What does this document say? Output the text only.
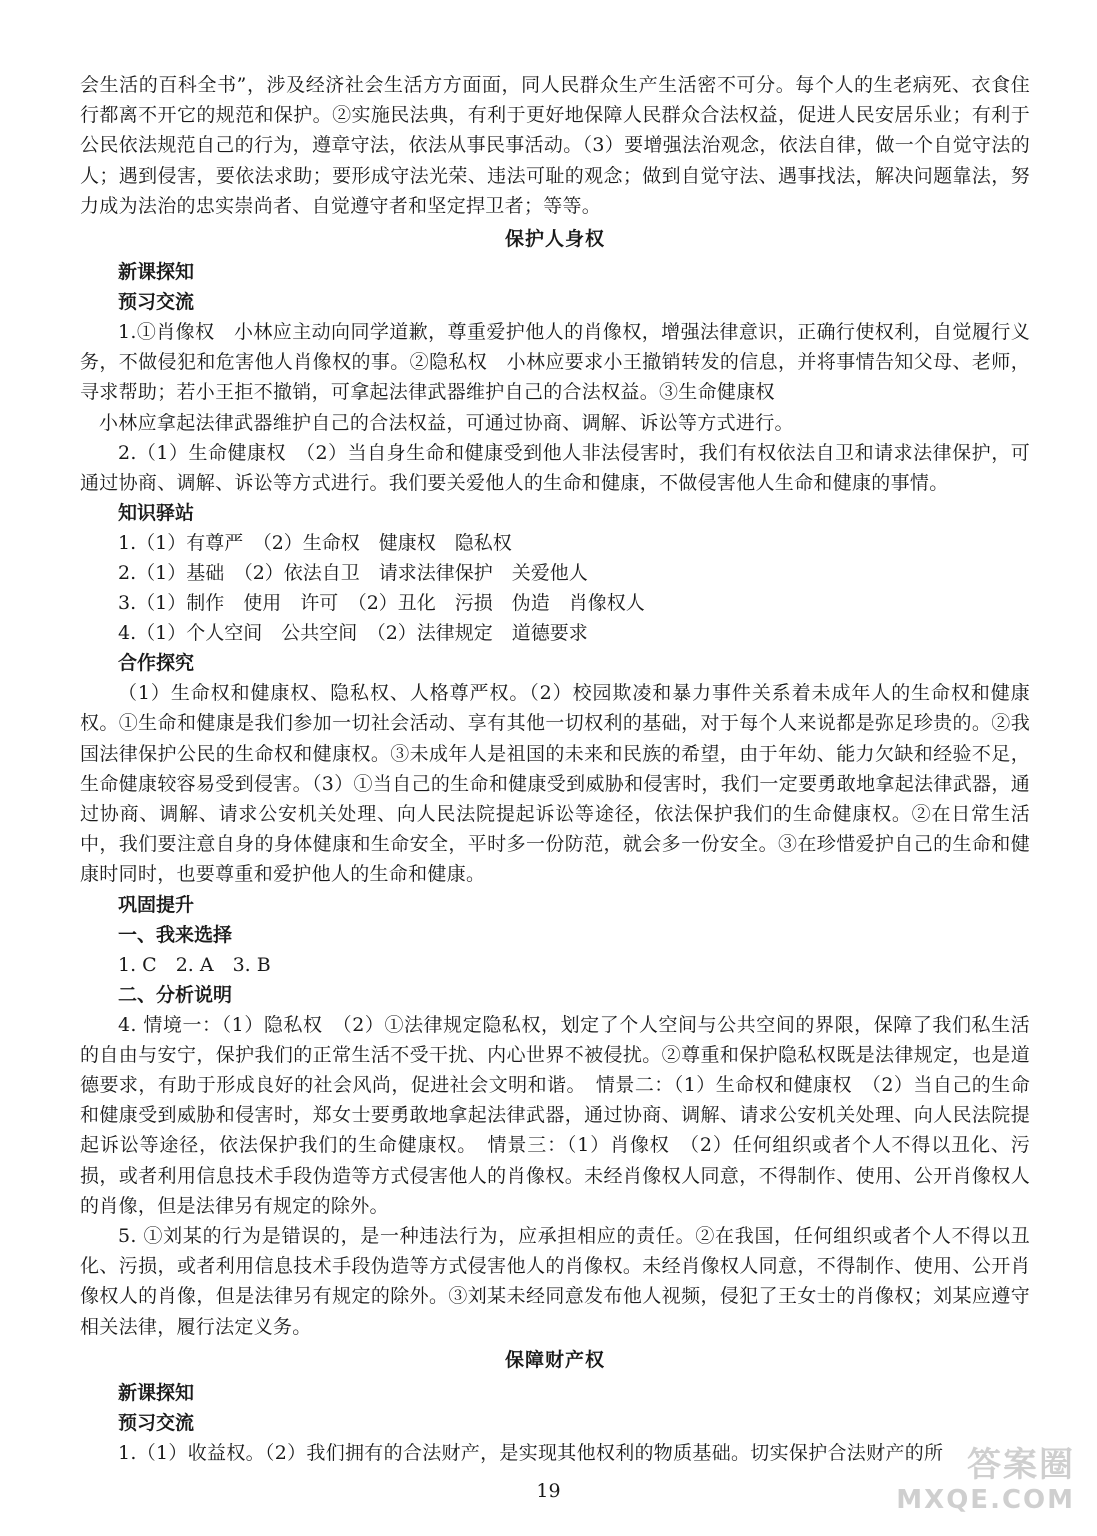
会生活的百科全书”，涉及经济社会生活方方面面，同人民群众生产生活密不可分。每个人的生老病死、衣食住行都离不开它的规范和保护。②实施民法典，有利于更好地保障人民群众合法权益，促进人民安居乐业；有利于公民依法规范自己的行为，遵章守法，依法从事民事活动。（3）要增强法治观念，依法自律，做一个自觉守法的人；遇到侵害，要依法求助；要形成守法光荣、违法可耻的观念；做到自觉守法、遇事找法，解决问题靠法，努力成为法治的忠实崇尚者、自觉遵守者和坚定捍卫者；等等。

保护人身权
新课探知
预习交流

1.①肖像权　小林应主动向同学道歉，尊重爱护他人的肖像权，增强法律意识，正确行使权利，自觉履行义务，不做侵犯和危害他人肖像权的事。②隐私权　小林应要求小王撤销转发的信息，并将事情告知父母、老师，寻求帮助；若小王拒不撤销，可拿起法律武器维护自己的合法权益。③生命健康权

小林应拿起法律武器维护自己的合法权益，可通过协商、调解、诉讼等方式进行。

2.（1）生命健康权　（2）当自身生命和健康受到他人非法侵害时，我们有权依法自卫和请求法律保护，可通过协商、调解、诉讼等方式进行。我们要关爱他人的生命和健康，不做侵害他人生命和健康的事情。

知识驿站
1.（1）有尊严　（2）生命权　健康权　隐私权
2.（1）基础　（2）依法自卫　请求法律保护　关爱他人
3.（1）制作　使用　许可　（2）丑化　污损　伪造　肖像权人
4.（1）个人空间　公共空间　（2）法律规定　道德要求
合作探究

（1）生命权和健康权、隐私权、人格尊严权。（2）校园欺凌和暴力事件关系着未成年人的生命权和健康权。①生命和健康是我们参加一切社会活动、享有其他一切权利的基础，对于每个人来说都是弥足珍贵的。②我国法律保护公民的生命权和健康权。③未成年人是祖国的未来和民族的希望，由于年幼、能力欠缺和经验不足，生命健康较容易受到侵害。（3）①当自己的生命和健康受到威胁和侵害时，我们一定要勇敢地拿起法律武器，通过协商、调解、请求公安机关处理、向人民法院提起诉讼等途径，依法保护我们的生命健康权。②在日常生活中，我们要注意自身的身体健康和生命安全，平时多一份防范，就会多一份安全。③在珍惜爱护自己的生命和健康时同时，也要尊重和爱护他人的生命和健康。

巩固提升
一、我来选择
1. C　2. A　3. B
二、分析说明

4. 情境一：（1）隐私权　（2）①法律规定隐私权，划定了个人空间与公共空间的界限，保障了我们私生活的自由与安宁，保护我们的正常生活不受干扰、内心世界不被侵扰。②尊重和保护隐私权既是法律规定，也是道德要求，有助于形成良好的社会风尚，促进社会文明和谐。　情景二：（1）生命权和健康权　（2）当自己的生命和健康受到威胁和侵害时，郑女士要勇敢地拿起法律武器，通过协商、调解、请求公安机关处理、向人民法院提起诉讼等途径，依法保护我们的生命健康权。　情景三：（1）肖像权　（2）任何组织或者个人不得以丑化、污损，或者利用信息技术手段伪造等方式侵害他人的肖像权。未经肖像权人同意，不得制作、使用、公开肖像权人的肖像，但是法律另有规定的除外。

5. ①刘某的行为是错误的，是一种违法行为，应承担相应的责任。②在我国，任何组织或者个人不得以丑化、污损，或者利用信息技术手段伪造等方式侵害他人的肖像权。未经肖像权人同意，不得制作、使用、公开肖像权人的肖像，但是法律另有规定的除外。③刘某未经同意发布他人视频，侵犯了王女士的肖像权；刘某应遵守相关法律，履行法定义务。

保障财产权
新课探知
预习交流

1.（1）收益权。（2）我们拥有的合法财产，是实现其他权利的物质基础。切实保护合法财产的所

19
答案圈
MXQE.COM
